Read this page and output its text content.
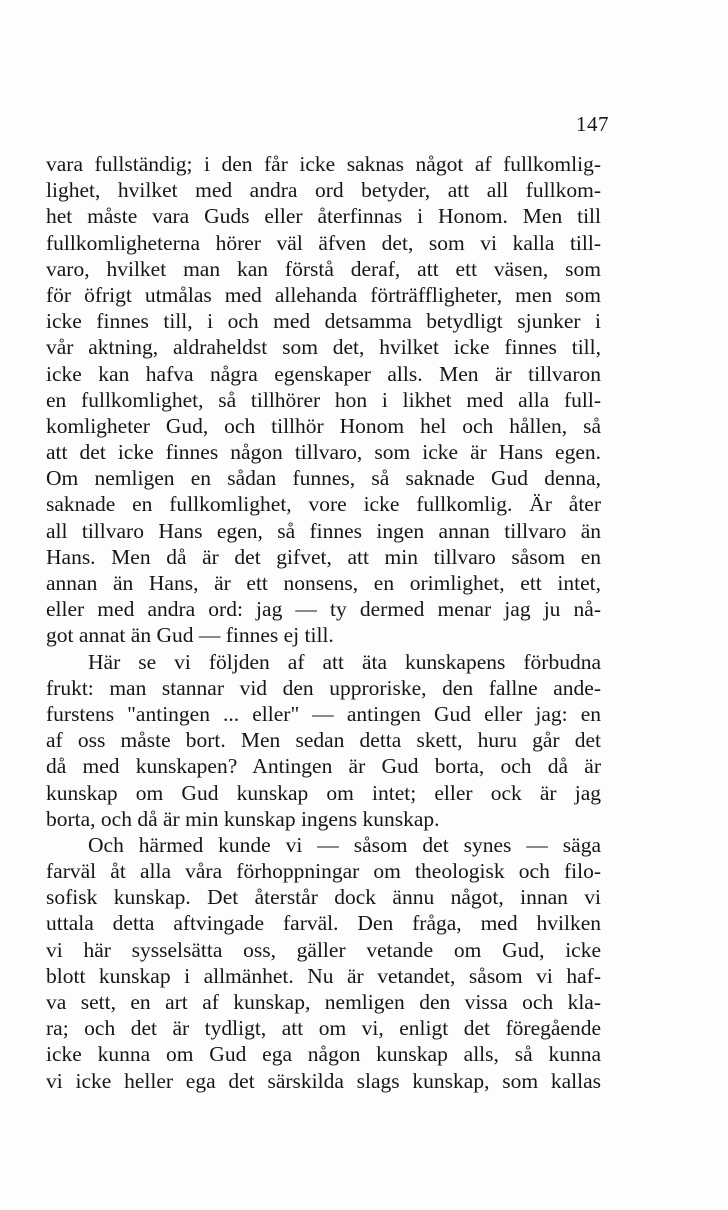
147
vara fullständig; i den får icke saknas något af fullkomlig-
lighet, hvilket med andra ord betyder, att all fullkom-
het måste vara Guds eller återfinnas i Honom. Men till
fullkomligheterna hörer väl äfven det, som vi kalla till-
varo, hvilket man kan förstå deraf, att ett väsen, som
för öfrigt utmålas med allehanda förträffligheter, men som
icke finnes till, i och med detsamma betydligt sjunker i
vår aktning, aldraheldst som det, hvilket icke finnes till,
icke kan hafva några egenskaper alls. Men är tillvaron
en fullkomlighet, så tillhörer hon i likhet med alla full-
komligheter Gud, och tillhör Honom hel och hållen, så
att det icke finnes någon tillvaro, som icke är Hans egen.
Om nemligen en sådan funnes, så saknade Gud denna,
saknade en fullkomlighet, vore icke fullkomlig. Är åter
all tillvaro Hans egen, så finnes ingen annan tillvaro än
Hans. Men då är det gifvet, att min tillvaro såsom en
annan än Hans, är ett nonsens, en orimlighet, ett intet,
eller med andra ord: jag — ty dermed menar jag ju nå-
got annat än Gud — finnes ej till.
Här se vi följden af att äta kunskapens förbudna
frukt: man stannar vid den upproriske, den fallne ande-
furstens "antingen ... eller" — antingen Gud eller jag: en
af oss måste bort. Men sedan detta skett, huru går det
då med kunskapen? Antingen är Gud borta, och då är
kunskap om Gud kunskap om intet; eller ock är jag
borta, och då är min kunskap ingens kunskap.
Och härmed kunde vi — såsom det synes — säga
farväl åt alla våra förhoppningar om theologisk och filo-
sofisk kunskap. Det återstår dock ännu något, innan vi
uttala detta aftvingade farväl. Den fråga, med hvilken
vi här sysselsätta oss, gäller vetande om Gud, icke
blott kunskap i allmänhet. Nu är vetandet, såsom vi haf-
va sett, en art af kunskap, nemligen den vissa och kla-
ra; och det är tydligt, att om vi, enligt det föregående
icke kunna om Gud ega någon kunskap alls, så kunna
vi icke heller ega det särskilda slags kunskap, som kallas
